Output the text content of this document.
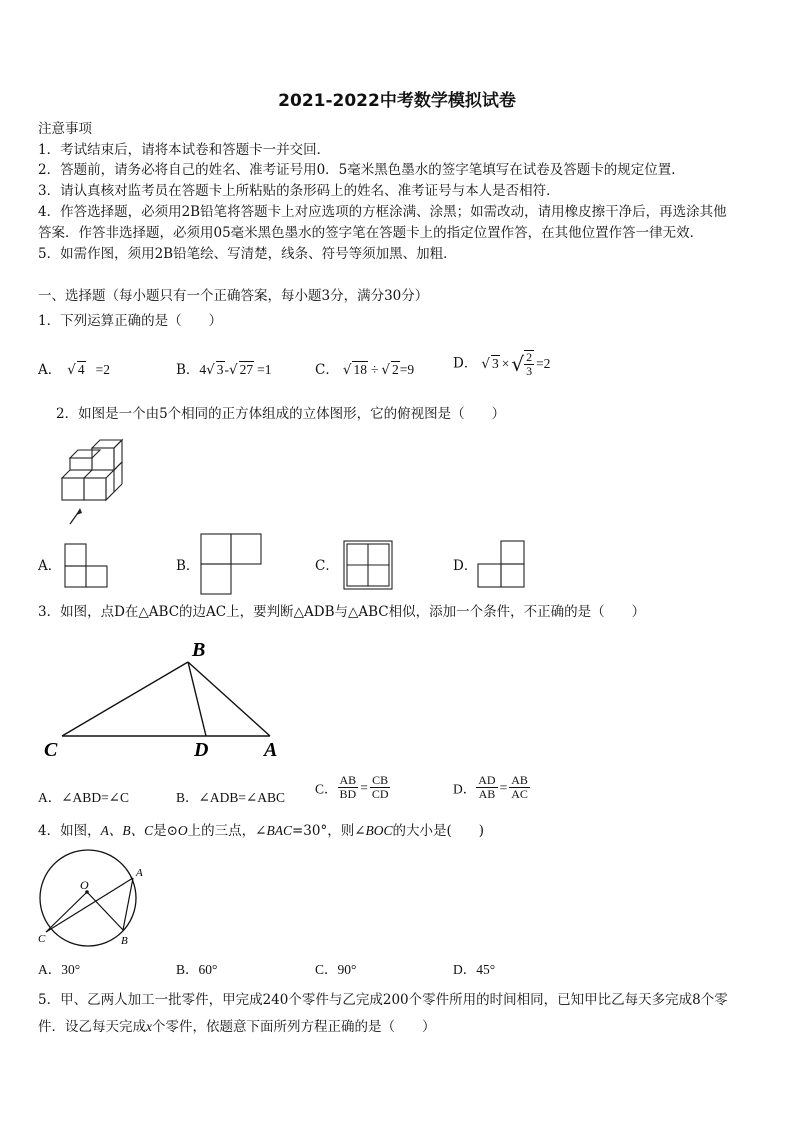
2021-2022中考数学模拟试卷
注意事项
1．考试结束后，请将本试卷和答题卡一并交回．
2．答题前，请务必将自己的姓名、准考证号用0．5毫米黑色墨水的签字笔填写在试卷及答题卡的规定位置．
3．请认真核对监考员在答题卡上所粘贴的条形码上的姓名、准考证号与本人是否相符．
4．作答选择题，必须用2B铅笔将答题卡上对应选项的方框涂满、涂黑；如需改动，请用橡皮擦干净后，再选涂其他
答案．作答非选择题，必须用05毫米黑色墨水的签字笔在答题卡上的指定位置作答，在其他位置作答一律无效．
5．如需作图，须用2B铅笔绘、写清楚，线条、符号等须加黑、加粗．
一、选择题（每小题只有一个正确答案，每小题3分，满分30分）
1．下列运算正确的是（　　）
A． √ 4 =2	B．4√ 3-√ 27 =1	C． √ 18 ÷ √ 2=9	D． √ 3 × √ $\frac{2}{3} =2$
2．如图是一个由5个相同的正方体组成的立体图形，它的俯视图是（　　）
A．	B．	C．	D．
3．如图，点D在△ABC的边AC上，要判断△ADB与△ABC相似，添加一个条件，不正确的是（　　）
B
C	D	A
A．∠ABD=∠C	B．∠ADB=∠ABC
C． $\frac{AB}{BD} = \frac{CB}{CD}$	D． $\frac{AD}{AB} = \frac{AB}{AC}$
4．如图，A、B、C是⊙O上的三点，∠BAC=30°，则∠BOC的大小是(　　)
O
A
B
C
A．30°	B．60°	C．90°	D．45°
5．甲、乙两人加工一批零件，甲完成240个零件与乙完成200个零件所用的时间相同，已知甲比乙每天多完成8个零
件．设乙每天完成x个零件，依题意下面所列方程正确的是（　　）
